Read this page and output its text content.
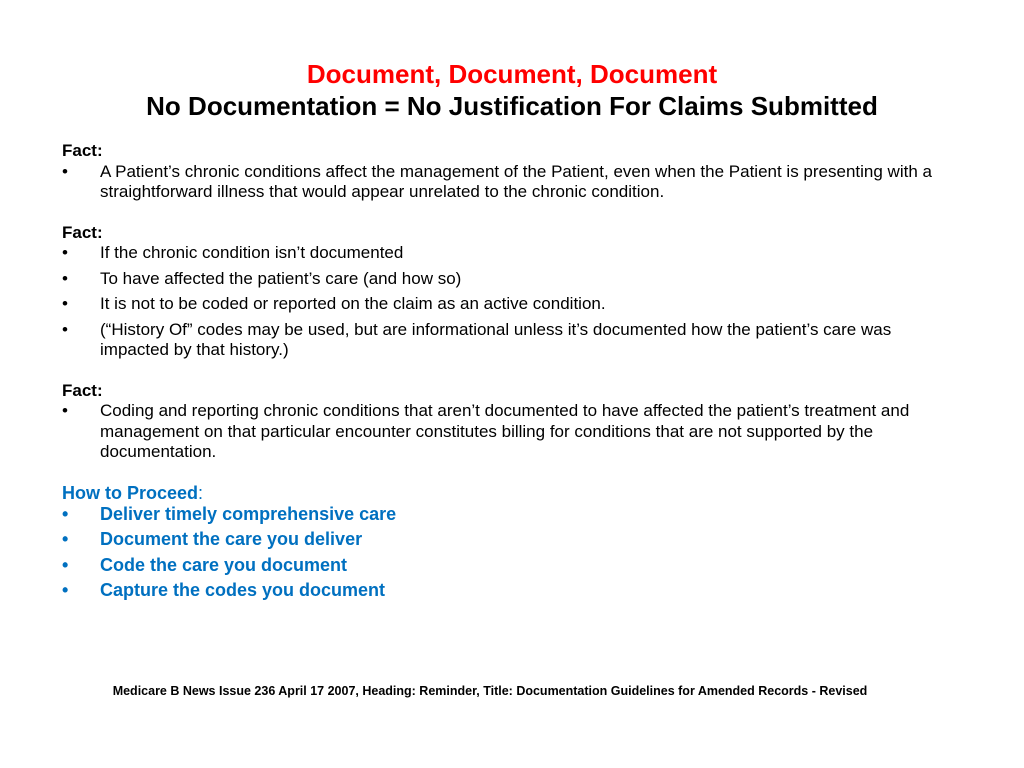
Document, Document, Document
No Documentation = No Justification For Claims Submitted
Fact:
• A Patient’s chronic conditions affect the management of the Patient, even when the Patient is presenting with a straightforward illness that would appear unrelated to the chronic condition.
Fact:
• If the chronic condition isn’t documented
• To have affected the patient’s care (and how so)
• It is not to be coded or reported on the claim as an active condition.
• (“History Of” codes may be used, but are informational unless it’s documented how the patient’s care was impacted by that history.)
Fact:
• Coding and reporting chronic conditions that aren’t documented to have affected the patient’s treatment and management on that particular encounter constitutes billing for conditions that are not supported by the documentation.
How to Proceed:
• Deliver timely comprehensive care
• Document the care you deliver
• Code the care you document
• Capture the codes you document
Medicare B News Issue 236 April 17 2007, Heading: Reminder, Title: Documentation Guidelines for Amended Records - Revised
